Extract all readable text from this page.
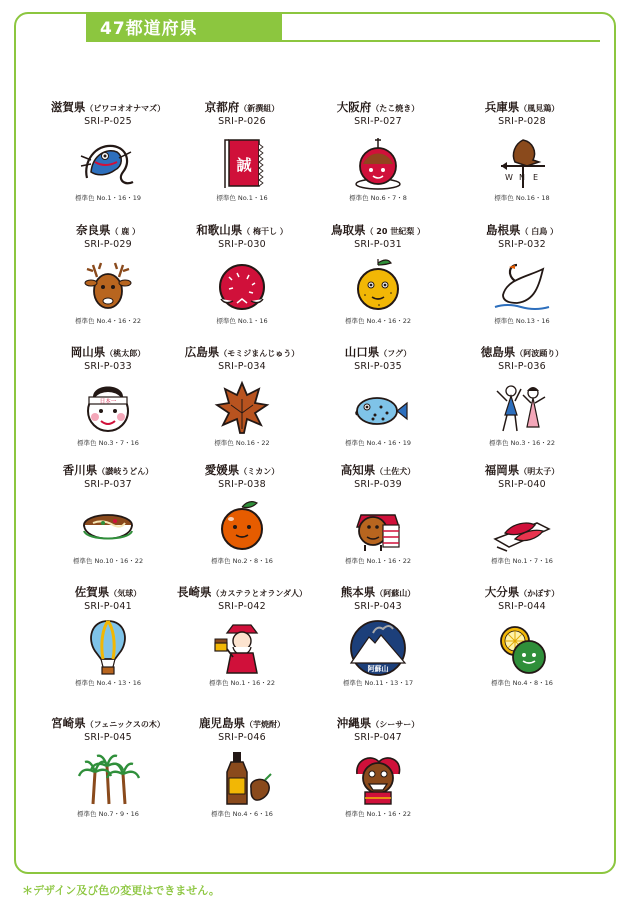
47都道府県
滋賀県（ビワコオオナマズ）
SRI-P-025
標準色 No.1・16・19
京都府（新撰組）
SRI-P-026
誠
標準色 No.1・16
大阪府（たこ焼き）
SRI-P-027
標準色 No.6・7・8
兵庫県（風見鶏）
SRI-P-028
W N E
標準色 No.16・18
奈良県（ 鹿 ）
SRI-P-029
標準色 No.4・16・22
和歌山県（ 梅干し ）
SRI-P-030
標準色 No.1・16
鳥取県（ 20 世紀梨 ）
SRI-P-031
標準色 No.4・16・22
島根県（ 白鳥 ）
SRI-P-032
標準色 No.13・16
岡山県（桃太郎）
SRI-P-033
日本一
標準色 No.3・7・16
広島県（モミジまんじゅう）
SRI-P-034
標準色 No.16・22
山口県（フグ）
SRI-P-035
標準色 No.4・16・19
徳島県（阿波踊り）
SRI-P-036
標準色 No.3・16・22
香川県（讃岐うどん）
SRI-P-037
標準色 No.10・16・22
愛媛県（ミカン）
SRI-P-038
標準色 No.2・8・16
高知県（土佐犬）
SRI-P-039
標準色 No.1・16・22
福岡県（明太子）
SRI-P-040
標準色 No.1・7・16
佐賀県（気球）
SRI-P-041
標準色 No.4・13・16
長崎県（カステラとオランダ人）
SRI-P-042
標準色 No.1・16・22
熊本県（阿蘇山）
SRI-P-043
阿蘇山
標準色 No.11・13・17
大分県（かぼす）
SRI-P-044
標準色 No.4・8・16
宮崎県（フェニックスの木）
SRI-P-045
標準色 No.7・9・16
鹿児島県（芋焼酎）
SRI-P-046
標準色 No.4・6・16
沖縄県（シーサー）
SRI-P-047
標準色 No.1・16・22
＊デザイン及び色の変更はできません。
